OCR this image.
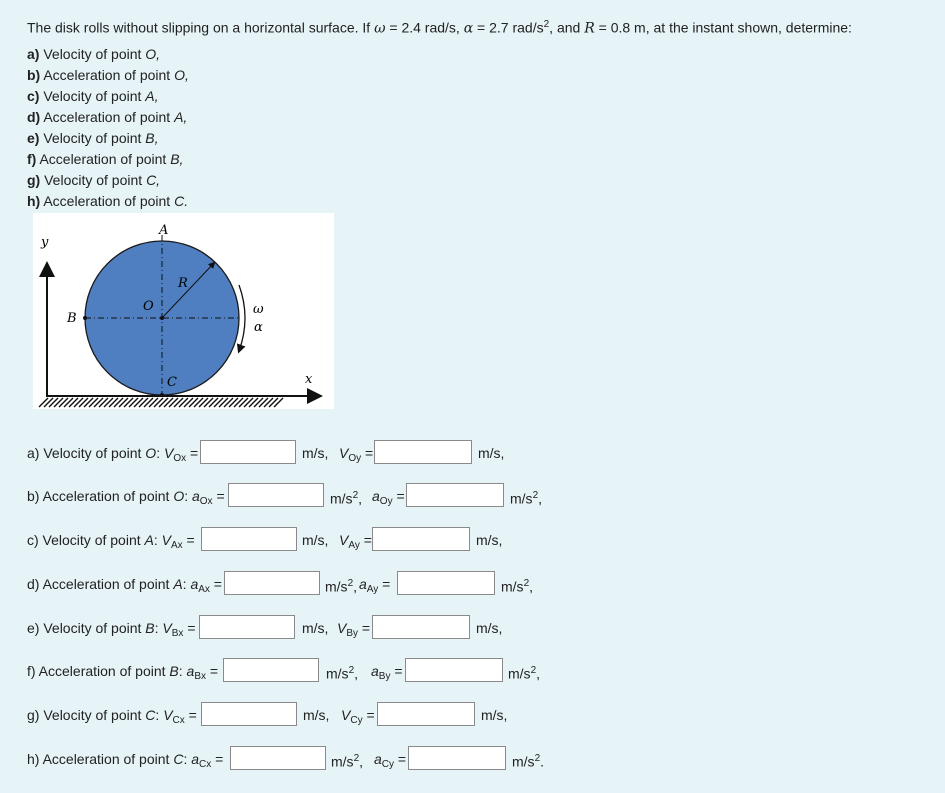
The disk rolls without slipping on a horizontal surface. If ω = 2.4 rad/s, α = 2.7 rad/$s^2$, and R = 0.8 m, at the instant shown, determine:
a) Velocity of point O,
b) Acceleration of point O,
c) Velocity of point A,
d) Acceleration of point A,
e) Velocity of point B,
f) Acceleration of point B,
g) Velocity of point C,
h) Acceleration of point C.
y
x
A
B
C
O
R
ω
α
a) Velocity of point O: $V_{Ox}$ =	m/s, $V_{Oy}$ =	m/s,
b) Acceleration of point O: $a_{Ox}$ =	$m/s^2$, $a_{Oy}$ =	$m/s^2$,
c) Velocity of point A: $V_{Ax}$ =	m/s, $V_{Ay}$ =	m/s,
d) Acceleration of point A: $a_{Ax}$ =	$m/s^2$, $a_{Ay}$ =	$m/s^2$,
e) Velocity of point B: $V_{Bx}$ =	m/s, $V_{By}$ =	m/s,
f) Acceleration of point B: $a_{Bx}$ =	$m/s^2$, $a_{By}$ =	$m/s^2$,
g) Velocity of point C: $V_{Cx}$ =	m/s, $V_{Cy}$ =	m/s,
h) Acceleration of point C: $a_{Cx}$ =	$m/s^2$, $a_{Cy}$ =	$m/s^2$.
